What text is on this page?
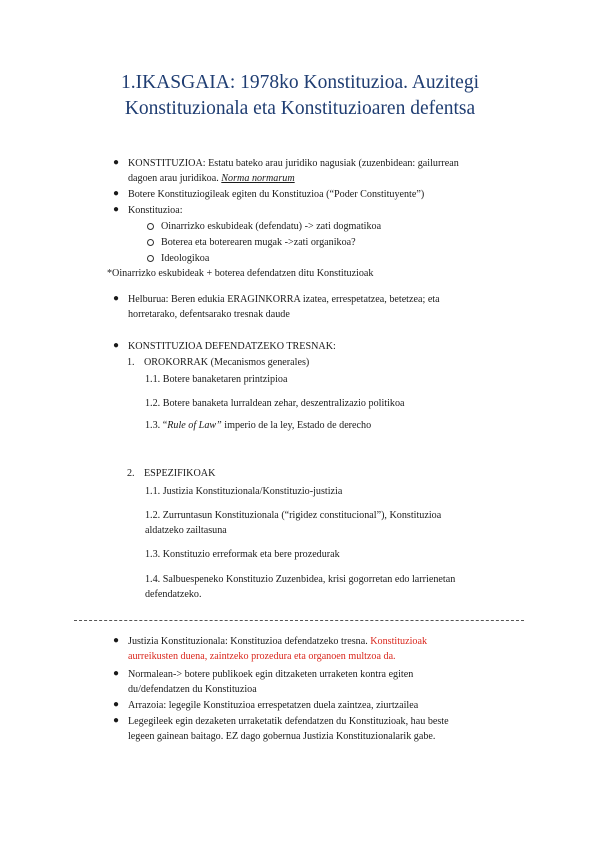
1.IKASGAIA: 1978ko Konstituzioa. Auzitegi
Konstituzionala eta Konstituzioaren defentsa
● KONSTITUZIOA: Estatu bateko arau juridiko nagusiak (zuzenbidean: gailurrean
dagoen arau juridikoa. Norma normarum
● Botere Konstituziogileak egiten du Konstituzioa (“Poder Constituyente”)
● Konstituzioa:
Oinarrizko eskubideak (defendatu) -> zati dogmatikoa
Boterea eta boterearen mugak ->zati organikoa?
Ideologikoa
*Oinarrizko eskubideak + boterea defendatzen ditu Konstituzioak
● Helburua: Beren edukia ERAGINKORRA izatea, errespetatzea, betetzea; eta
horretarako, defentsarako tresnak daude
● KONSTITUZIOA DEFENDATZEKO TRESNAK:
1. OROKORRAK (Mecanismos generales)
1.1. Botere banaketaren printzipioa
1.2. Botere banaketa lurraldean zehar, deszentralizazio politikoa
1.3. “Rule of Law” imperio de la ley, Estado de derecho
2. ESPEZIFIKOAK
1.1. Justizia Konstituzionala/Konstituzio-justizia
1.2. Zurruntasun Konstituzionala (“rigidez constitucional”), Konstituzioa
aldatzeko zailtasuna
1.3. Konstituzio erreformak eta bere prozedurak
1.4. Salbuespeneko Konstituzio Zuzenbidea, krisi gogorretan edo larrienetan
defendatzeko.
● Justizia Konstituzionala: Konstituzioa defendatzeko tresna. Konstituzioak
aurreikusten duena, zaintzeko prozedura eta organoen multzoa da.
● Normalean-> botere publikoek egin ditzaketen urraketen kontra egiten
du/defendatzen du Konstituzioa
● Arrazoia: legegile Konstituzioa errespetatzen duela zaintzea, ziurtzailea
● Legegileek egin dezaketen urraketatik defendatzen du Konstituzioak, hau beste
legeen gainean baitago. EZ dago gobernua Justizia Konstituzionalarik gabe.
